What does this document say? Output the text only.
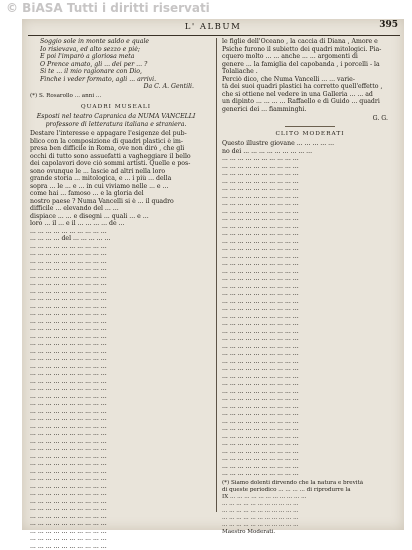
© BiASA Tutti i diritti riservati
L' ALBUM	395
Soggio sole in monte saldo e quale
Io risievava, ed alto sezzo e piè;
E poi l'imparò a gloriosa meta
O Prence amato, gli ... dei per ... ?
Si te ... il mio ragionare con Dio,
Finche i veder formato, agli ... arrivi.
Da C. A. Gentili.
(*) S. Rosarollo ... anni ...
QUADRI MUSEALI
Esposti nel teatro Capranica da NUMA VANCELLI
professore di letteratura italiana e straniera.
Destare l'interesse e appagare l'esigenze del pub-
blico con la composizione di quadri plastici è im-
presa ben difficile in Roma, ove non dirò , che gli
occhi di tutto sono assuefatti a vagheggiare il bello
dei capolavori dove ciò sommi artisti. Quelle e pos-
sono ovunque le ... lascie ad altri nella loro
grande storia ... mitologica, e ... i più ... della
sopra ... le ... e ... in cui viviamo nelle ... e ...
come hai ... famoso ... e la gloria del
nostro paese ? Numa Vancelli si è ... il quadro
difficile ... elevando del ... ...
dispiace ... ... e disegni ... quali ... e ...
loro ... il ... e il ... ... ... ... de ...
... ... ... ... ... ... ... ... ... ...
... ... ... ... del ... ... ... ... ...
... ... ... ... ... ... ... ... ... ...
... ... ... ... ... ... ... ... ... ...
... ... ... ... ... ... ... ... ... ...
... ... ... ... ... ... ... ... ... ...
... ... ... ... ... ... ... ... ... ...
... ... ... ... ... ... ... ... ... ...
... ... ... ... ... ... ... ... ... ...
... ... ... ... ... ... ... ... ... ...
... ... ... ... ... ... ... ... ... ...
... ... ... ... ... ... ... ... ... ...
... ... ... ... ... ... ... ... ... ...
... ... ... ... ... ... ... ... ... ...
... ... ... ... ... ... ... ... ... ...
... ... ... ... ... ... ... ... ... ...
... ... ... ... ... ... ... ... ... ...
... ... ... ... ... ... ... ... ... ...
... ... ... ... ... ... ... ... ... ...
... ... ... ... ... ... ... ... ... ...
... ... ... ... ... ... ... ... ... ...
... ... ... ... ... ... ... ... ... ...
... ... ... ... ... ... ... ... ... ...
... ... ... ... ... ... ... ... ... ...
... ... ... ... ... ... ... ... ... ...
... ... ... ... ... ... ... ... ... ...
... ... ... ... ... ... ... ... ... ...
... ... ... ... ... ... ... ... ... ...
... ... ... ... ... ... ... ... ... ...
... ... ... ... ... ... ... ... ... ...
... ... ... ... ... ... ... ... ... ...
... ... ... ... ... ... ... ... ... ...
... ... ... ... ... ... ... ... ... ...
... ... ... ... ... ... ... ... ... ...
... ... ... ... ... ... ... ... ... ...
... ... ... ... ... ... ... ... ... ...
... ... ... ... ... ... ... ... ... ...
... ... ... ... ... ... ... ... ... ...
... ... ... ... ... ... ... ... ... ...
... ... ... ... ... ... ... ... ... ...
... ... ... ... ... ... ... ... ... ...
... ... ... ... ... ... ... ... ... ...
... ... ... ... ... ... ... ... ... ...
le figlie dell'Oceano , la caccia di Diana , Amore e
Psiche furono il subietto dei quadri mitologici. Pia-
cquero molto ... ... anche ... ... argomenti di
genere ... la famiglia del capobanda , i porcelli - la
Tolaliache .
Perciò dico, che Numa Vancelli ... ... varie-
tà dei suoi quadri plastici ha corretto quell'effetto ,
che si ottiene nel vedere in una Galleria ... ... ad
un dipinto ... ... ... ... Raffaello e di Guido ... quadri
generici dei ... fiamminghi.
G. G.
CLITO MODERATI
Questo illustre giovane ... ... ... ... ...
no dei ... ... ... ... ... ... ... ... ...
... ... ... ... ... ... ... ... ... ...
... ... ... ... ... ... ... ... ... ...
... ... ... ... ... ... ... ... ... ...
... ... ... ... ... ... ... ... ... ...
... ... ... ... ... ... ... ... ... ...
... ... ... ... ... ... ... ... ... ...
... ... ... ... ... ... ... ... ... ...
... ... ... ... ... ... ... ... ... ...
... ... ... ... ... ... ... ... ... ...
... ... ... ... ... ... ... ... ... ...
... ... ... ... ... ... ... ... ... ...
... ... ... ... ... ... ... ... ... ...
... ... ... ... ... ... ... ... ... ...
... ... ... ... ... ... ... ... ... ...
... ... ... ... ... ... ... ... ... ...
... ... ... ... ... ... ... ... ... ...
... ... ... ... ... ... ... ... ... ...
... ... ... ... ... ... ... ... ... ...
... ... ... ... ... ... ... ... ... ...
... ... ... ... ... ... ... ... ... ...
... ... ... ... ... ... ... ... ... ...
... ... ... ... ... ... ... ... ... ...
... ... ... ... ... ... ... ... ... ...
... ... ... ... ... ... ... ... ... ...
... ... ... ... ... ... ... ... ... ...
... ... ... ... ... ... ... ... ... ...
... ... ... ... ... ... ... ... ... ...
... ... ... ... ... ... ... ... ... ...
... ... ... ... ... ... ... ... ... ...
... ... ... ... ... ... ... ... ... ...
... ... ... ... ... ... ... ... ... ...
... ... ... ... ... ... ... ... ... ...
... ... ... ... ... ... ... ... ... ...
... ... ... ... ... ... ... ... ... ...
... ... ... ... ... ... ... ... ... ...
... ... ... ... ... ... ... ... ... ...
... ... ... ... ... ... ... ... ... ...
... ... ... ... ... ... ... ... ... ...
... ... ... ... ... ... ... ... ... ...
... ... ... ... ... ... ... ... ... ...
... ... ... ... ... ... ... ... ... ...
... ... ... ... ... ... ... ... ... ...
... ... ... ... ... ... ... ... ... ...
(*) Siamo dolenti dirvendo che la natura e brevità
di queste periodico ... ... ... ... di riprodurre la
IX ... ... ... ... ... ... ... ... ... ... ...
... ... ... ... ... ... ... ... ... ... ...
... ... ... ... ... ... ... ... ... ... ...
... ... ... ... ... ... ... ... ... ... ...
... ... ... ... ... ... ... ... ... ... ...
Maestro Moderati.
